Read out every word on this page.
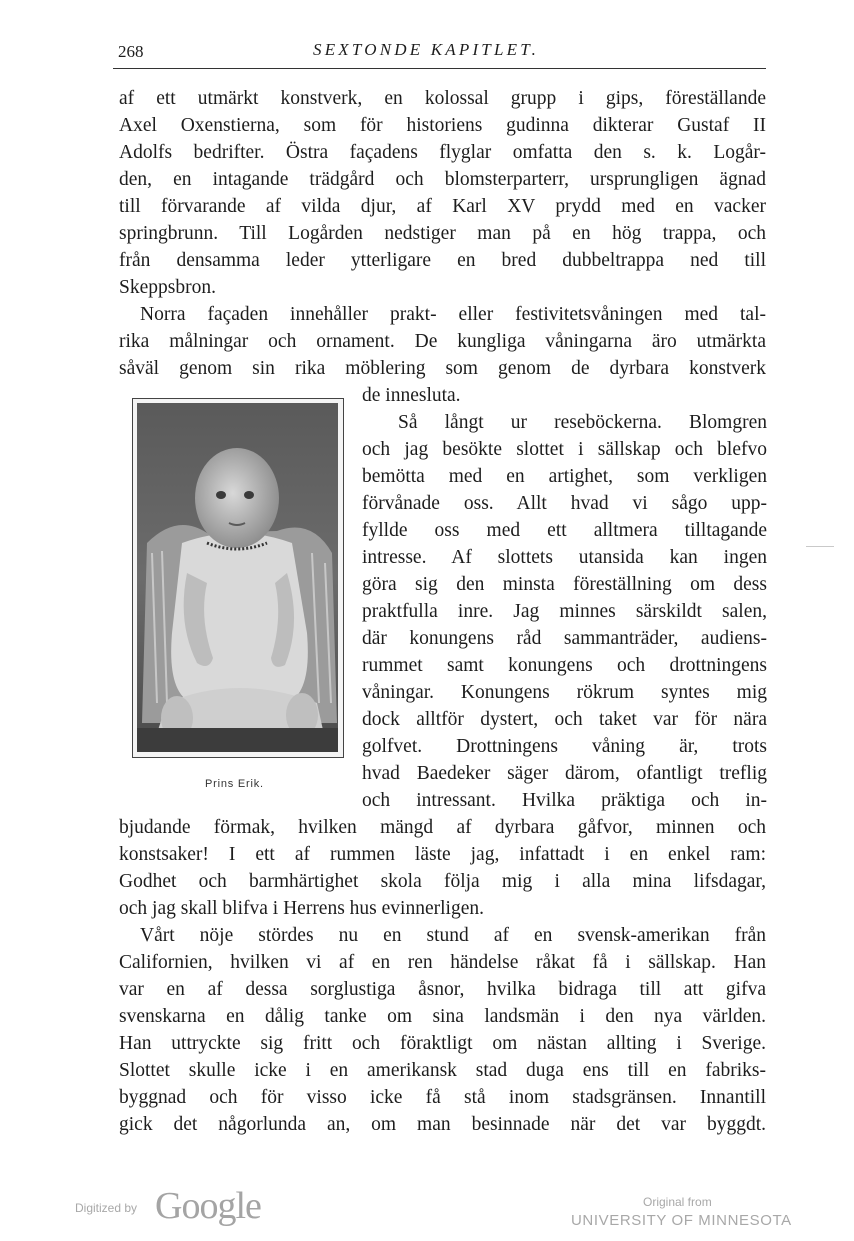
268	SEXTONDE KAPITLET.
af ett utmärkt konstverk, en kolossal grupp i gips, föreställande
Axel Oxenstierna, som för historiens gudinna dikterar Gustaf II
Adolfs bedrifter. Östra façadens flyglar omfatta den s. k. Logår-
den, en intagande trädgård och blomsterparterr, ursprungligen ägnad
till förvarande af vilda djur, af Karl XV prydd med en vacker
springbrunn. Till Logården nedstiger man på en hög trappa, och
från densamma leder ytterligare en bred dubbeltrappa ned till
Skeppsbron.
Norra façaden innehåller prakt- eller festivitetsvåningen med tal-
rika målningar och ornament. De kungliga våningarna äro utmärkta
såväl genom sin rika möblering som genom de dyrbara konstverk
de innesluta.
Så långt ur reseböckerna. Blomgren
och jag besökte slottet i sällskap och blefvo
bemötta med en artighet, som verkligen
förvånade oss. Allt hvad vi sågo upp-
fyllde oss med ett alltmera tilltagande
intresse. Af slottets utansida kan ingen
göra sig den minsta föreställning om dess
praktfulla inre. Jag minnes särskildt salen,
där konungens råd sammanträder, audiens-
rummet samt konungens och drottningens
våningar. Konungens rökrum syntes mig
dock alltför dystert, och taket var för nära
golfvet. Drottningens våning är, trots
hvad Baedeker säger därom, ofantligt treflig
och intressant. Hvilka präktiga och in-
bjudande förmak, hvilken mängd af dyrbara gåfvor, minnen och
konstsaker! I ett af rummen läste jag, infattadt i en enkel ram:
Godhet och barmhärtighet skola följa mig i alla mina lifsdagar,
och jag skall blifva i Herrens hus evinnerligen.
Vårt nöje stördes nu en stund af en svensk-amerikan från
Californien, hvilken vi af en ren händelse råkat få i sällskap. Han
var en af dessa sorglustiga åsnor, hvilka bidraga till att gifva
svenskarna en dålig tanke om sina landsmän i den nya världen.
Han uttryckte sig fritt och föraktligt om nästan allting i Sverige.
Slottet skulle icke i en amerikansk stad duga ens till en fabriks-
byggnad och för visso icke få stå inom stadsgränsen. Innantill
gick det någorlunda an, om man besinnade när det var byggdt.
Prins Erik.
Digitized by Google	Original from
UNIVERSITY OF MINNESOTA
